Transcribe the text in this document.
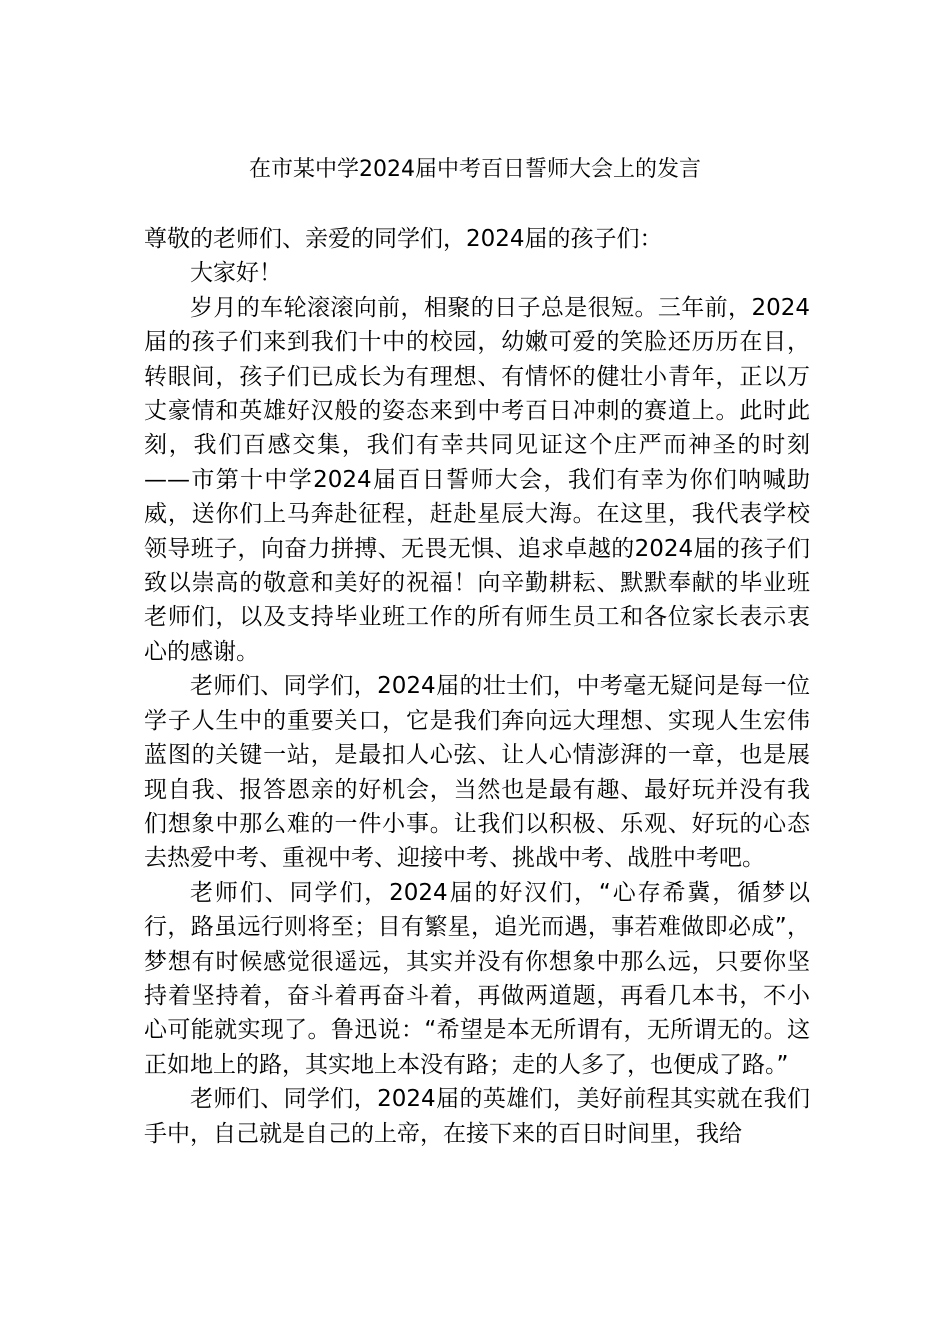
在市某中学2024届中考百日誓师大会上的发言

尊敬的老师们、亲爱的同学们，2024届的孩子们：

大家好！

岁月的车轮滚滚向前，相聚的日子总是很短。三年前，2024届的孩子们来到我们十中的校园，幼嫩可爱的笑脸还历历在目，转眼间，孩子们已成长为有理想、有情怀的健壮小青年，正以万丈豪情和英雄好汉般的姿态来到中考百日冲刺的赛道上。此时此刻，我们百感交集，我们有幸共同见证这个庄严而神圣的时刻——市第十中学2024届百日誓师大会，我们有幸为你们呐喊助威，送你们上马奔赴征程，赶赴星辰大海。在这里，我代表学校领导班子，向奋力拼搏、无畏无惧、追求卓越的2024届的孩子们致以崇高的敬意和美好的祝福！向辛勤耕耘、默默奉献的毕业班老师们，以及支持毕业班工作的所有师生员工和各位家长表示衷心的感谢。

老师们、同学们，2024届的壮士们，中考毫无疑问是每一位学子人生中的重要关口，它是我们奔向远大理想、实现人生宏伟蓝图的关键一站，是最扣人心弦、让人心情澎湃的一章，也是展现自我、报答恩亲的好机会，当然也是最有趣、最好玩并没有我们想象中那么难的一件小事。让我们以积极、乐观、好玩的心态去热爱中考、重视中考、迎接中考、挑战中考、战胜中考吧。

老师们、同学们，2024届的好汉们，“心存希冀，循梦以行，路虽远行则将至；目有繁星，追光而遇，事若难做即必成”，梦想有时候感觉很遥远，其实并没有你想象中那么远，只要你坚持着坚持着，奋斗着再奋斗着，再做两道题，再看几本书，不小心可能就实现了。鲁迅说：“希望是本无所谓有，无所谓无的。这正如地上的路，其实地上本没有路；走的人多了，也便成了路。”

老师们、同学们，2024届的英雄们，美好前程其实就在我们手中，自己就是自己的上帝，在接下来的百日时间里，我给
